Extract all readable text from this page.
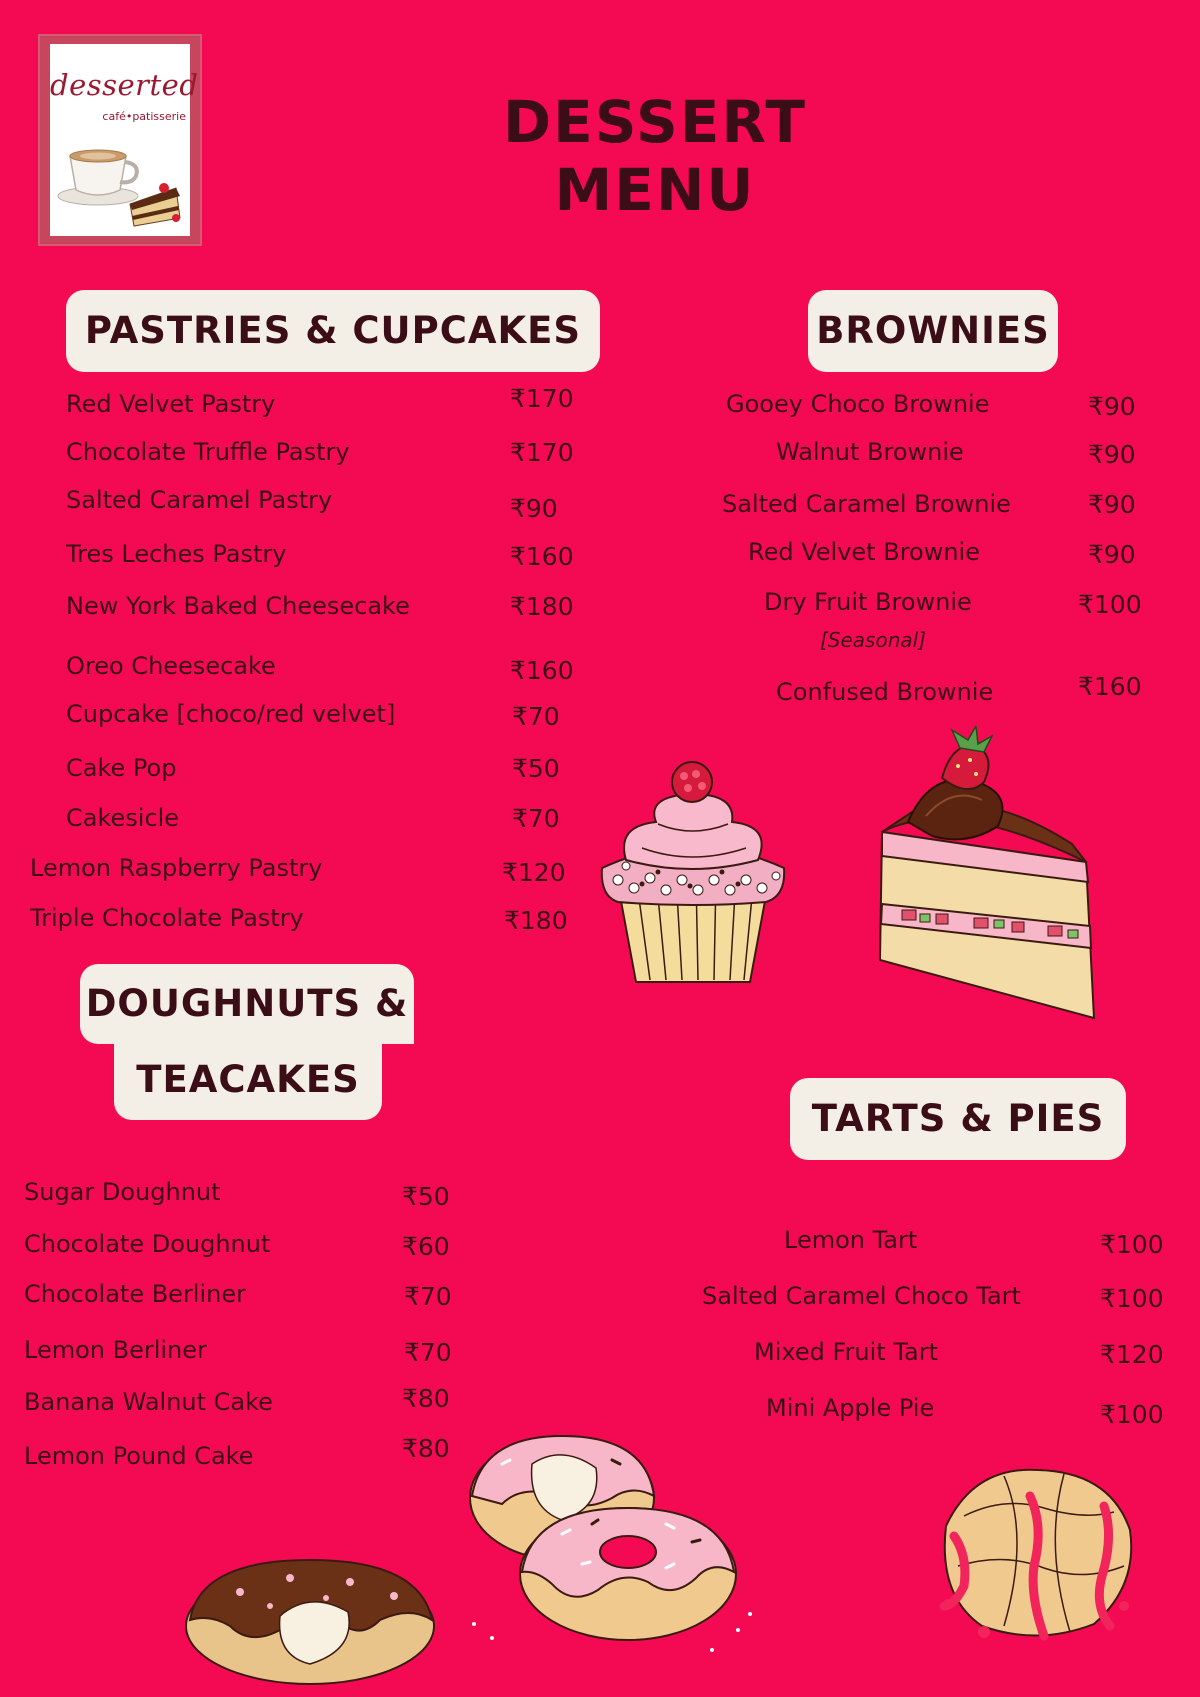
desserted
café•patisserie	DESSERT MENU
PASTRIES & CUPCAKES
Red Velvet Pastry	₹170
Chocolate Truffle Pastry	₹170
Salted Caramel Pastry	₹90
Tres Leches Pastry	₹160
New York Baked Cheesecake	₹180
Oreo Cheesecake	₹160
Cupcake [choco/red velvet]	₹70
Cake Pop	₹50
Cakesicle	₹70
Lemon Raspberry Pastry	₹120
Triple Chocolate Pastry	₹180
BROWNIES
Gooey Choco Brownie	₹90
Walnut Brownie	₹90
Salted Caramel Brownie	₹90
Red Velvet Brownie	₹90
Dry Fruit Brownie	₹100
[Seasonal]
Confused Brownie	₹160
DOUGHNUTS &
TEACAKES
Sugar Doughnut	₹50
Chocolate Doughnut	₹60
Chocolate Berliner	₹70
Lemon Berliner	₹70
Banana Walnut Cake	₹80
Lemon Pound Cake	₹80
TARTS & PIES
Lemon Tart	₹100
Salted Caramel Choco Tart	₹100
Mixed Fruit Tart	₹120
Mini Apple Pie	₹100
